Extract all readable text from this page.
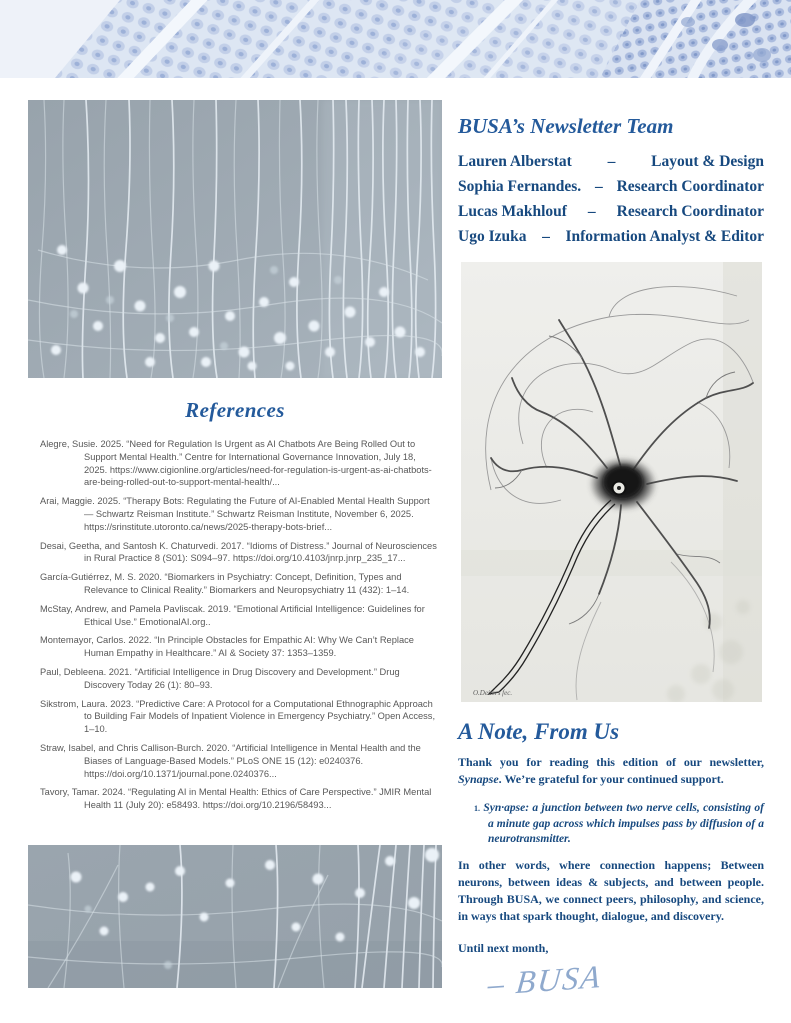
References
Alegre, Susie. 2025. “Need for Regulation Is Urgent as AI Chatbots Are Being Rolled Out to Support Mental Health.” Centre for International Governance Innovation, July 18, 2025. https://www.cigionline.org/articles/need-for-regulation-is-urgent-as-ai-chatbots-are-being-rolled-out-to-support-mental-health/...
Arai, Maggie. 2025. “Therapy Bots: Regulating the Future of AI-Enabled Mental Health Support — Schwartz Reisman Institute.” Schwartz Reisman Institute, November 6, 2025. https://srinstitute.utoronto.ca/news/2025-therapy-bots-brief...
Desai, Geetha, and Santosh K. Chaturvedi. 2017. “Idioms of Distress.” Journal of Neurosciences in Rural Practice 8 (S01): S094–97. https://doi.org/10.4103/jnrp.jnrp_235_17...
García-Gutiérrez, M. S. 2020. “Biomarkers in Psychiatry: Concept, Definition, Types and Relevance to Clinical Reality.” Biomarkers and Neuropsychiatry 11 (432): 1–14.
McStay, Andrew, and Pamela Pavliscak. 2019. “Emotional Artificial Intelligence: Guidelines for Ethical Use.” EmotionalAI.org..
Montemayor, Carlos. 2022. “In Principle Obstacles for Empathic AI: Why We Can’t Replace Human Empathy in Healthcare.” AI & Society 37: 1353–1359.
Paul, Debleena. 2021. “Artificial Intelligence in Drug Discovery and Development.” Drug Discovery Today 26 (1): 80–93.
Sikstrom, Laura. 2023. “Predictive Care: A Protocol for a Computational Ethnographic Approach to Building Fair Models of Inpatient Violence in Emergency Psychiatry.” Open Access, 1–10.
Straw, Isabel, and Chris Callison-Burch. 2020. “Artificial Intelligence in Mental Health and the Biases of Language-Based Models.” PLoS ONE 15 (12): e0240376. https://doi.org/10.1371/journal.pone.0240376...
Tavory, Tamar. 2024. “Regulating AI in Mental Health: Ethics of Care Perspective.” JMIR Mental Health 11 (July 20): e58493. https://doi.org/10.2196/58493...
BUSA’s Newsletter Team
Lauren Alberstat – Layout & Design
Sophia Fernandes. – Research Coordinator
Lucas Makhlouf – Research Coordinator
Ugo Izuka – Information Analyst & Editor
O.Deiters fec.
A Note, From Us

Thank you for reading this edition of our newsletter, Synapse. We’re grateful for your continued support.

1. Syn·apse: a junction between two nerve cells, consisting of a minute gap across which impulses pass by diffusion of a neurotransmitter.

In other words, where connection happens; Between neurons, between ideas & subjects, and between people. Through BUSA, we connect peers, philosophy, and science, in ways that spark thought, dialogue, and discovery.

Until next month,

– BUSA
